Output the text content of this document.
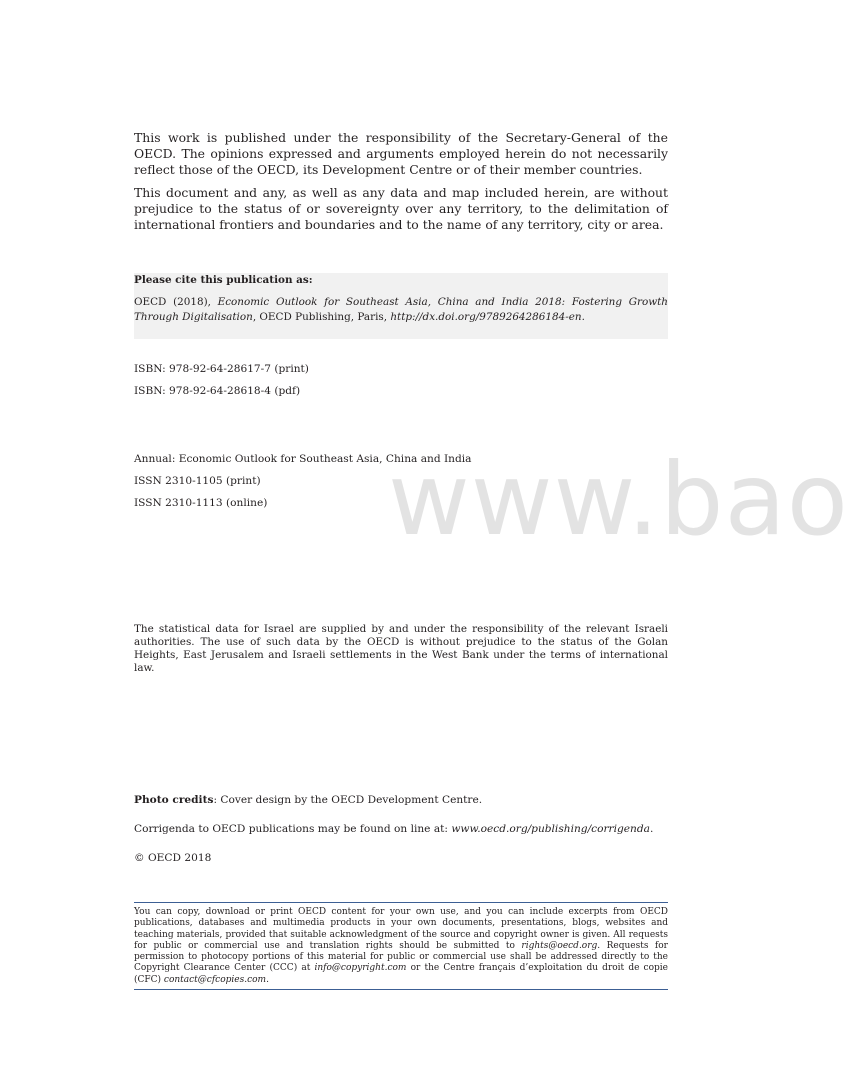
This work is published under the responsibility of the Secretary-General of the OECD. The opinions expressed and arguments employed herein do not necessarily reflect those of the OECD, its Development Centre or of their member countries.

This document and any, as well as any data and map included herein, are without prejudice to the status of or sovereignty over any territory, to the delimitation of international frontiers and boundaries and to the name of any territory, city or area.

Please cite this publication as:
OECD (2018), Economic Outlook for Southeast Asia, China and India 2018: Fostering Growth Through Digitalisation, OECD Publishing, Paris, http://dx.doi.org/9789264286184-en.
ISBN: 978-92-64-28617-7 (print)
ISBN: 978-92-64-28618-4 (pdf)
www.bao
Annual: Economic Outlook for Southeast Asia, China and India
ISSN 2310-1105 (print)
ISSN 2310-1113 (online)
The statistical data for Israel are supplied by and under the responsibility of the relevant Israeli authorities. The use of such data by the OECD is without prejudice to the status of the Golan Heights, East Jerusalem and Israeli settlements in the West Bank under the terms of international law.
Photo credits: Cover design by the OECD Development Centre.
Corrigenda to OECD publications may be found on line at: www.oecd.org/publishing/corrigenda.
© OECD 2018
You can copy, download or print OECD content for your own use, and you can include excerpts from OECD publications, databases and multimedia products in your own documents, presentations, blogs, websites and teaching materials, provided that suitable acknowledgment of the source and copyright owner is given. All requests for public or commercial use and translation rights should be submitted to rights@oecd.org. Requests for permission to photocopy portions of this material for public or commercial use shall be addressed directly to the Copyright Clearance Center (CCC) at info@copyright.com or the Centre français d’exploitation du droit de copie (CFC) contact@cfcopies.com.
